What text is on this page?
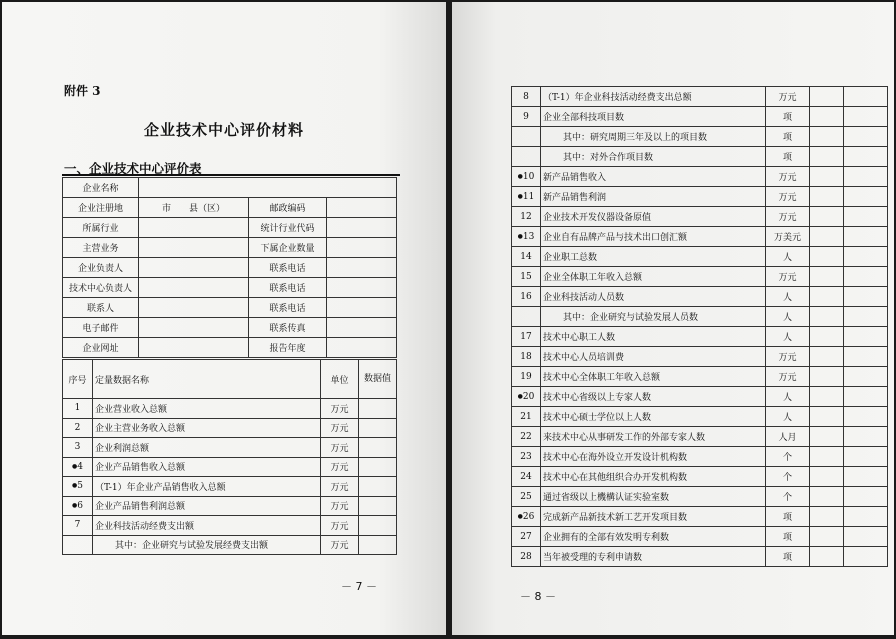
附件 3
企业技术中心评价材料
一、企业技术中心评价表
企业名称			
企业注册地	市　　县（区）	邮政编码	
所属行业		统计行业代码	
主营业务		下属企业数量	
企业负责人		联系电话	
技术中心负责人		联系电话	
联系人		联系电话	
电子邮件		联系传真	
企业网址		报告年度	
序号	定量数据名称	单位	数据值
1	企业营业收入总额	万元	
2	企业主营业务收入总额	万元	
3	企业利润总额	万元	
● 4	企业产品销售收入总额	万元	
● 5	（T-1）年企业产品销售收入总额	万元	
● 6	企业产品销售利润总额	万元	
7	企业科技活动经费支出额	万元	
	其中：企业研究与试验发展经费支出额	万元	
－ 7 －
8	（T-1）年企业科技活动经费支出总额	万元		
9	企业全部科技项目数	项		
	其中：研究周期三年及以上的项目数	项		
	其中：对外合作项目数	项		
● 10	新产品销售收入	万元		
● 11	新产品销售利润	万元		
12	企业技术开发仪器设备原值	万元		
● 13	企业自有品牌产品与技术出口创汇额	万美元		
14	企业职工总数	人		
15	企业全体职工年收入总额	万元		
16	企业科技活动人员数	人		
	其中：企业研究与试验发展人员数	人		
17	技术中心职工人数	人		
18	技术中心人员培训费	万元		
19	技术中心全体职工年收入总额	万元		
● 20	技术中心省级以上专家人数	人		
21	技术中心硕士学位以上人数	人		
22	来技术中心从事研发工作的外部专家人数	人月		
23	技术中心在海外设立开发设计机构数	个		
24	技术中心在其他组织合办开发机构数	个		
25	通过省级以上機構认证实验室数	个		
● 26	完成新产品新技术新工艺开发项目数	项		
27	企业拥有的全部有效发明专利数	项		
28	当年被受理的专利申请数	项		
－ 8 －
